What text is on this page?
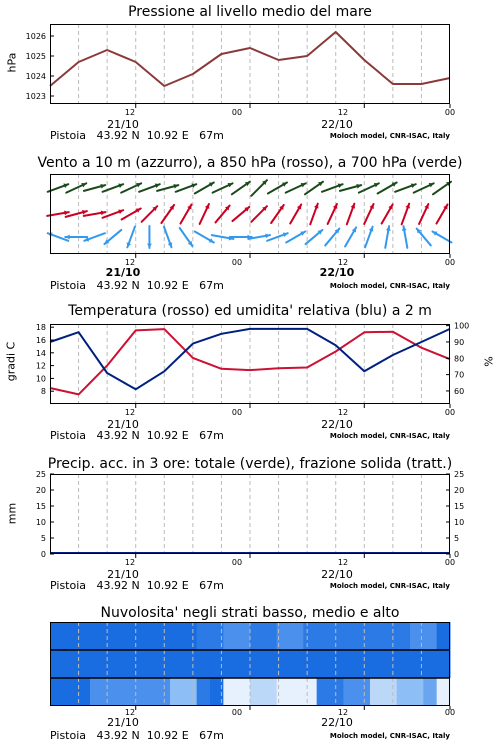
Pressione al livello medio del mare
hPa
1023
1024
1025
1026
12	00	12	00
21/10	22/10
Pistoia   43.92 N  10.92 E   67m	Moloch model, CNR-ISAC, Italy
Vento a 10 m (azzurro), a 850 hPa (rosso), a 700 hPa (verde)
12	00	12	00
21/10	22/10
Pistoia   43.92 N  10.92 E   67m	Moloch model, CNR-ISAC, Italy
Temperatura (rosso) ed umidita' relativa (blu) a 2 m
gradi C	%
8
10
12
14
16
18
60
70
80
90
100
12	00	12	00
21/10	22/10
Pistoia   43.92 N  10.92 E   67m	Moloch model, CNR-ISAC, Italy
Precip. acc. in 3 ore: totale (verde), frazione solida (tratt.)
mm
0
5
10
15
20
25
0
5
10
15
20
25
12	00	12	00
21/10	22/10
Pistoia   43.92 N  10.92 E   67m	Moloch model, CNR-ISAC, Italy
Nuvolosita' negli strati basso, medio e alto
12	00	12	00
21/10	22/10
Pistoia   43.92 N  10.92 E   67m	Moloch model, CNR-ISAC, Italy
